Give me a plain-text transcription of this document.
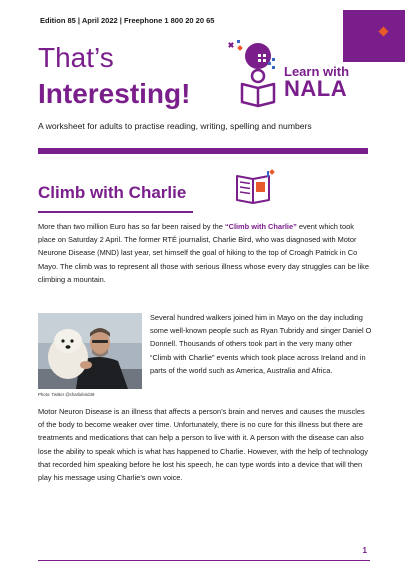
Edition 85 | April 2022 | Freephone 1 800 20 20 65
That’s
Interesting!
Learn with
NALA
A worksheet for adults to practise reading, writing, spelling and numbers
Climb with Charlie
More than two million Euro has so far been raised by the “Climb with Charlie” event which took place on Saturday 2 April. The former RTÉ journalist, Charlie Bird, who was diagnosed with Motor Neurone Disease (MND) last year, set himself the goal of hiking to the top of Croagh Patrick in Co Mayo. The climb was to represent all those with serious illness whose every day struggles can be like climbing a mountain.
Photo: Twitter @charliebird49
Several hundred walkers joined him in Mayo on the day including some well-known people such as Ryan Tubridy and singer Daniel O Donnell. Thousands of others took part in the very many other “Climb with Charlie” events which took place across Ireland and in parts of the world such as America, Australia and Africa.
Motor Neuron Disease is an illness that affects a person’s brain and nerves and causes the muscles of the body to become weaker over time. Unfortunately, there is no cure for this illness but there are treatments and medications that can help a person to live with it. A person with the disease can also lose the ability to speak which is what has happened to Charlie. However, with the help of technology that recorded him speaking before he lost his speech, he can type words into a device that will then play his message using Charlie’s own voice.
1
